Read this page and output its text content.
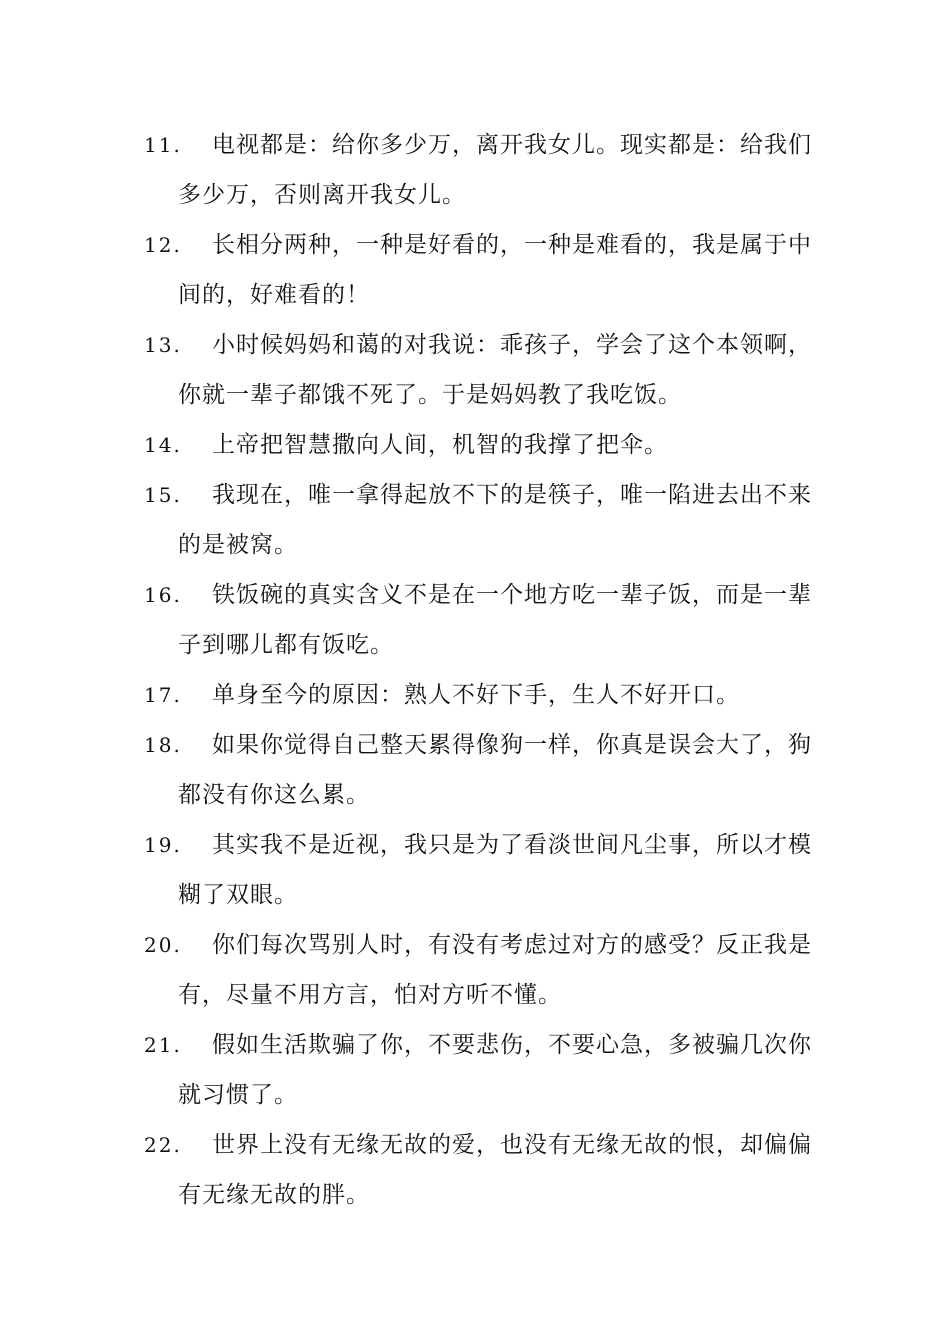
11.	电视都是：给你多少万，离开我女儿。现实都是：给我们
多少万，否则离开我女儿。
12.	长相分两种，一种是好看的，一种是难看的，我是属于中
间的，好难看的！
13.	小时候妈妈和蔼的对我说：乖孩子，学会了这个本领啊，
你就一辈子都饿不死了。于是妈妈教了我吃饭。
14.	上帝把智慧撒向人间，机智的我撑了把伞。
15.	我现在，唯一拿得起放不下的是筷子，唯一陷进去出不来
的是被窝。
16.	铁饭碗的真实含义不是在一个地方吃一辈子饭，而是一辈
子到哪儿都有饭吃。
17.	单身至今的原因：熟人不好下手，生人不好开口。
18.	如果你觉得自己整天累得像狗一样，你真是误会大了，狗
都没有你这么累。
19.	其实我不是近视，我只是为了看淡世间凡尘事，所以才模
糊了双眼。
20.	你们每次骂别人时，有没有考虑过对方的感受？反正我是
有，尽量不用方言，怕对方听不懂。
21.	假如生活欺骗了你，不要悲伤，不要心急，多被骗几次你
就习惯了。
22.	世界上没有无缘无故的爱，也没有无缘无故的恨，却偏偏
有无缘无故的胖。
